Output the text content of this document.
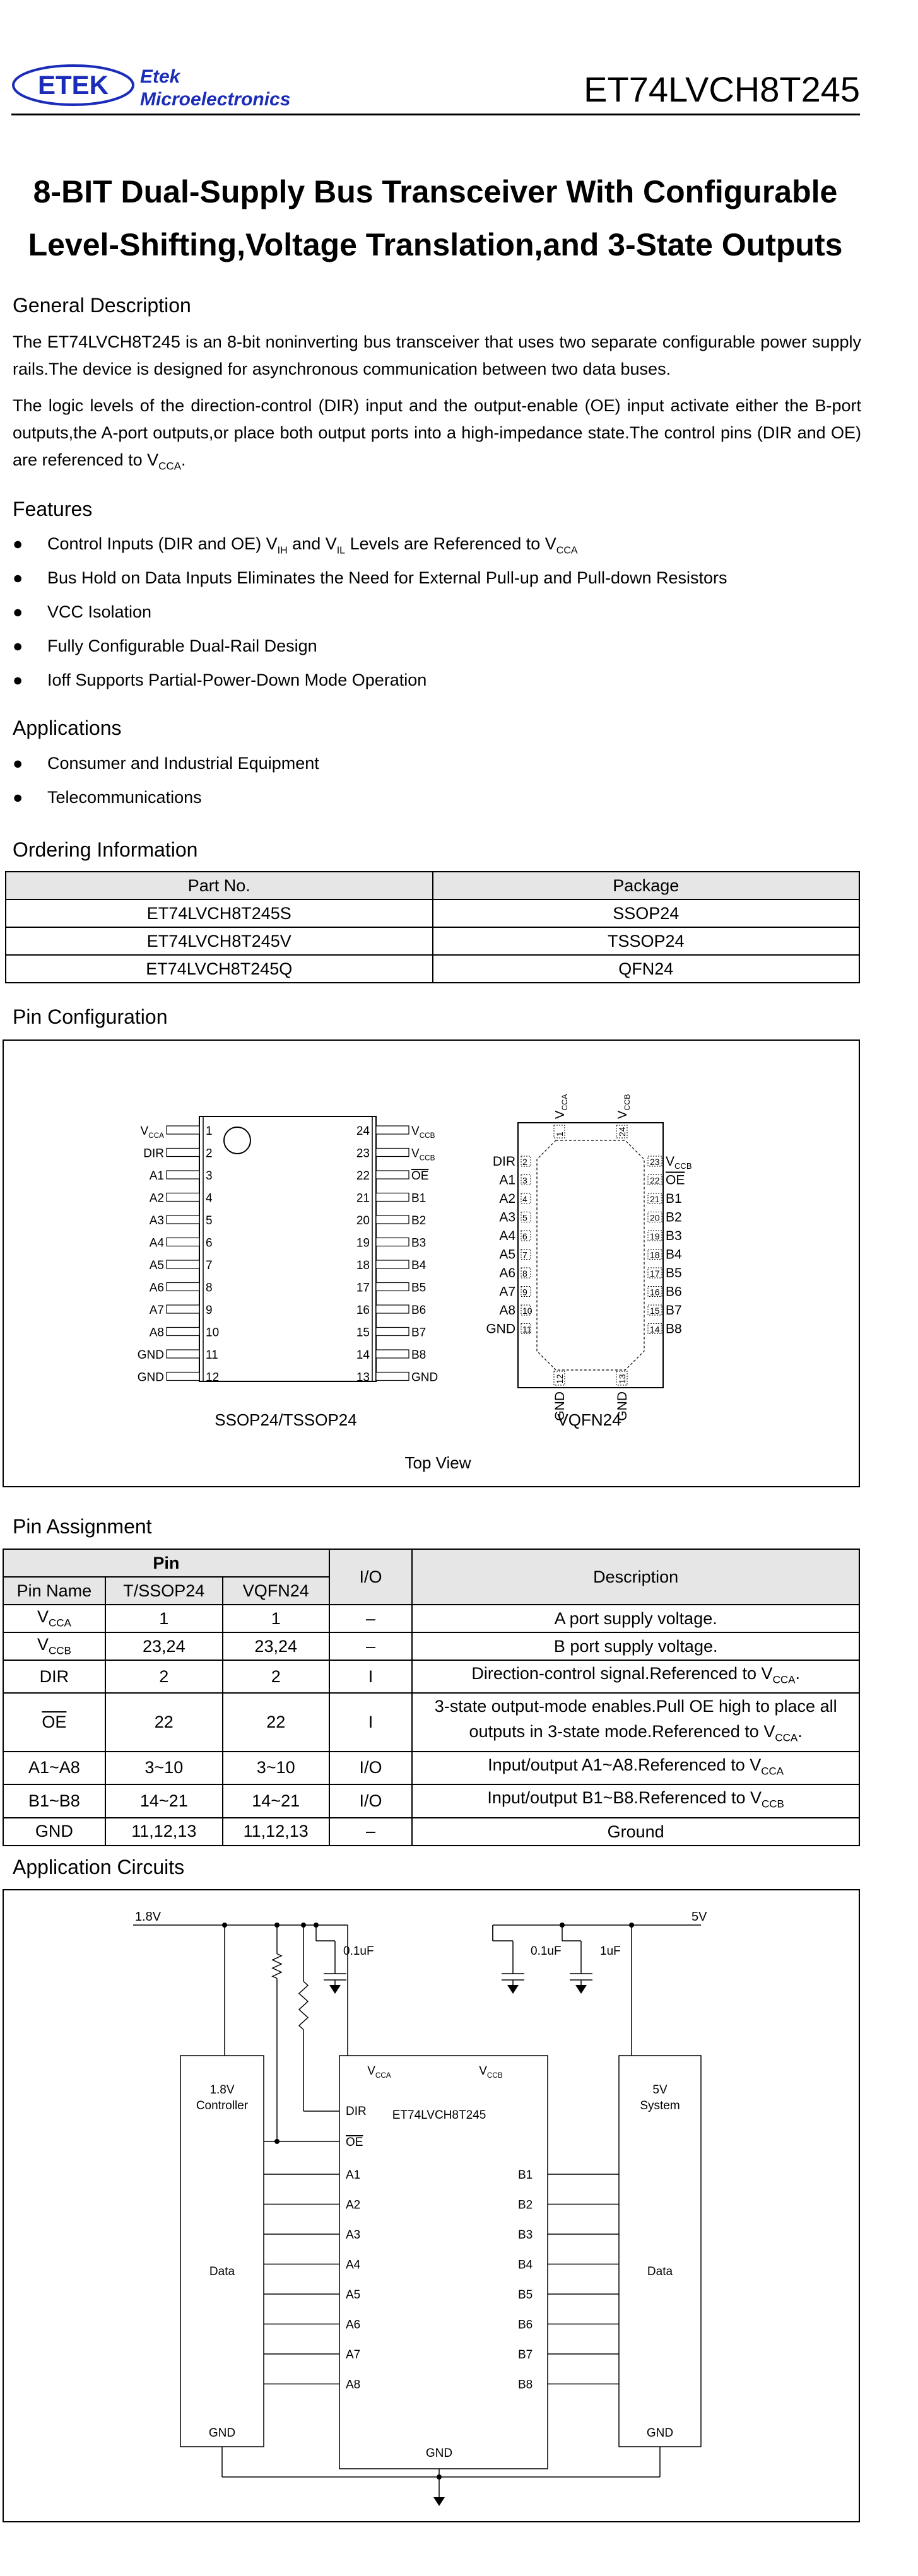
ETEK Etek
Microelectronics	ET74LVCH8T245
8-BIT Dual-Supply Bus Transceiver With Configurable
Level-Shifting,Voltage Translation,and 3-State Outputs
General Description
The ET74LVCH8T245 is an 8-bit noninverting bus transceiver that uses two separate configurable power supply rails.The device is designed for asynchronous communication between two data buses.
The logic levels of the direction-control (DIR) input and the output-enable (OE) input activate either the B-port outputs,the A-port outputs,or place both output ports into a high-impedance state.The control pins (DIR and OE) are referenced to $V_{CCA}$.
Features
● Control Inputs (DIR and OE) $V_{IH}$ and $V_{IL}$ Levels are Referenced to $V_{CCA}$
● Bus Hold on Data Inputs Eliminates the Need for External Pull-up and Pull-down Resistors
● VCC Isolation
● Fully Configurable Dual-Rail Design
● Ioff Supports Partial-Power-Down Mode Operation
Applications
● Consumer and Industrial Equipment
● Telecommunications
Ordering Information
Part No.	Package
ET74LVCH8T245S	SSOP24
ET74LVCH8T245V	TSSOP24
ET74LVCH8T245Q	QFN24
Pin Configuration
$V_{CCA}$	1
DIR	2
A1	3
A2	4
A3	5
A4	6
A5	7
A6	8
A7	9
A8	10
GND	11
GND	12
24	$V_{CCB}$
23	$V_{CCB}$
22	OE
21	B1
20	B2
19	B3
18	B4
17	B5
16	B6
15	B7
14	B8
13	GND
SSOP24/TSSOP24
DIR 2
A1 3
A2 4
A3 5
A4 6
A5 7
A6 8
A7 9
A8 10
GND 11
23 $V_{CCB}$
22 OE
21 B1
20 B2
19 B3
18 B4
17 B5
16 B6
15 B7
14 B8
1
$V_{CCA}$
24
$V_{CCB}$
12
GND
13
GND
VQFN24
Top View
Pin Assignment
Pin			I/O	Description
Pin Name	T/SSOP24	VQFN24		
$V_{CCA}$	1	1	–	A port supply voltage.
$V_{CCB}$	23,24	23,24	–	B port supply voltage.
DIR	2	2	I	Direction-control signal.Referenced to $V_{CCA}$.
$\overline{OE}$	22	22	I	3-state output-mode enables.Pull OE high to place all outputs in 3-state mode.Referenced to $V_{CCA}$.
A1~A8	3~10	3~10	I/O	Input/output A1~A8.Referenced to $V_{CCA}$
B1~B8	14~21	14~21	I/O	Input/output B1~B8.Referenced to $V_{CCB}$
GND	11,12,13	11,12,13	–	Ground
Application Circuits
1.8V	5V
0.1uF	0.1uF	1uF
1.8V
Controller
Data
GND
$V_{CCA}$	$V_{CCB}$
ET74LVCH8T245
DIR
OE
GND
5V
System
Data
GND
A1
A2
A3
A4
A5
A6
A7
A8
B1
B2
B3
B4
B5
B6
B7
B8
